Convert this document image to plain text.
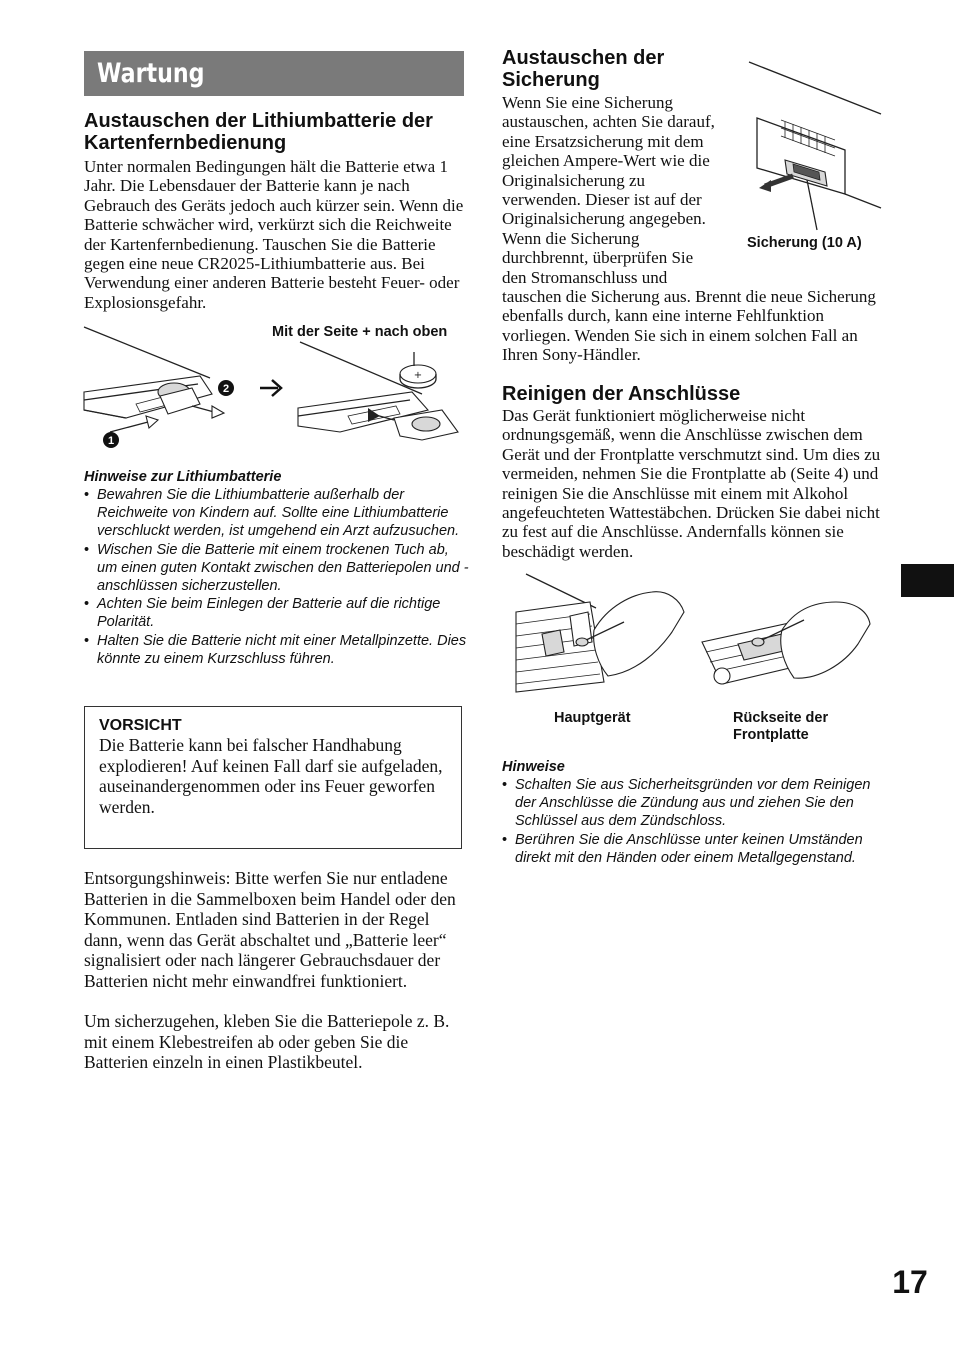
Wartung
Austauschen der Lithiumbatterie der Kartenfernbedienung

Unter normalen Bedingungen hält die Batterie etwa 1 Jahr. Die Lebensdauer der Batterie kann je nach Gebrauch des Geräts jedoch auch kürzer sein. Wenn die Batterie schwächer wird, verkürzt sich die Reichweite der Kartenfernbedienung. Tauschen Sie die Batterie gegen eine neue CR2025-Lithiumbatterie aus. Bei Verwendung einer anderen Batterie besteht Feuer- oder Explosionsgefahr.

Mit der Seite + nach oben

1
2
+

Hinweise zur Lithiumbatterie

• Bewahren Sie die Lithiumbatterie außerhalb der Reichweite von Kindern auf. Sollte eine Lithiumbatterie verschluckt werden, ist umgehend ein Arzt aufzusuchen.
• Wischen Sie die Batterie mit einem trockenen Tuch ab, um einen guten Kontakt zwischen den Batteriepolen und -anschlüssen sicherzustellen.
• Achten Sie beim Einlegen der Batterie auf die richtige Polarität.
• Halten Sie die Batterie nicht mit einer Metallpinzette. Dies könnte zu einem Kurzschluss führen.

VORSICHT

Die Batterie kann bei falscher Handhabung explodieren! Auf keinen Fall darf sie aufgeladen, auseinandergenommen oder ins Feuer geworfen werden.

Entsorgungshinweis: Bitte werfen Sie nur entladene Batterien in die Sammelboxen beim Handel oder den Kommunen. Entladen sind Batterien in der Regel dann, wenn das Gerät abschaltet und „Batterie leer“ signalisiert oder nach längerer Gebrauchsdauer der Batterien nicht mehr einwandfrei funktioniert.

Um sicherzugehen, kleben Sie die Batteriepole z. B. mit einem Klebestreifen ab oder geben Sie die Batterien einzeln in einen Plastikbeutel.

Austauschen der Sicherung
Wenn Sie eine Sicherung
austauschen, achten Sie darauf,
eine Ersatzsicherung mit dem
gleichen Ampere-Wert wie die
Originalsicherung zu
verwenden. Dieser ist auf der
Originalsicherung angegeben.
Wenn die Sicherung
durchbrennt, überprüfen Sie
den Stromanschluss und

tauschen die Sicherung aus. Brennt die neue Sicherung ebenfalls durch, kann eine interne Fehlfunktion vorliegen. Wenden Sie sich in einem solchen Fall an Ihren Sony-Händler.

Sicherung (10 A)

Reinigen der Anschlüsse

Das Gerät funktioniert möglicherweise nicht ordnungsgemäß, wenn die Anschlüsse zwischen dem Gerät und der Frontplatte verschmutzt sind. Um dies zu vermeiden, nehmen Sie die Frontplatte ab (Seite 4) und reinigen Sie die Anschlüsse mit einem mit Alkohol angefeuchteten Wattestäbchen. Drücken Sie dabei nicht zu fest auf die Anschlüsse. Andernfalls können sie beschädigt werden.

Hauptgerät	Rückseite der Frontplatte

Hinweise

• Schalten Sie aus Sicherheitsgründen vor dem Reinigen der Anschlüsse die Zündung aus und ziehen Sie den Schlüssel aus dem Zündschloss.
• Berühren Sie die Anschlüsse unter keinen Umständen direkt mit den Händen oder einem Metallgegenstand.
17
